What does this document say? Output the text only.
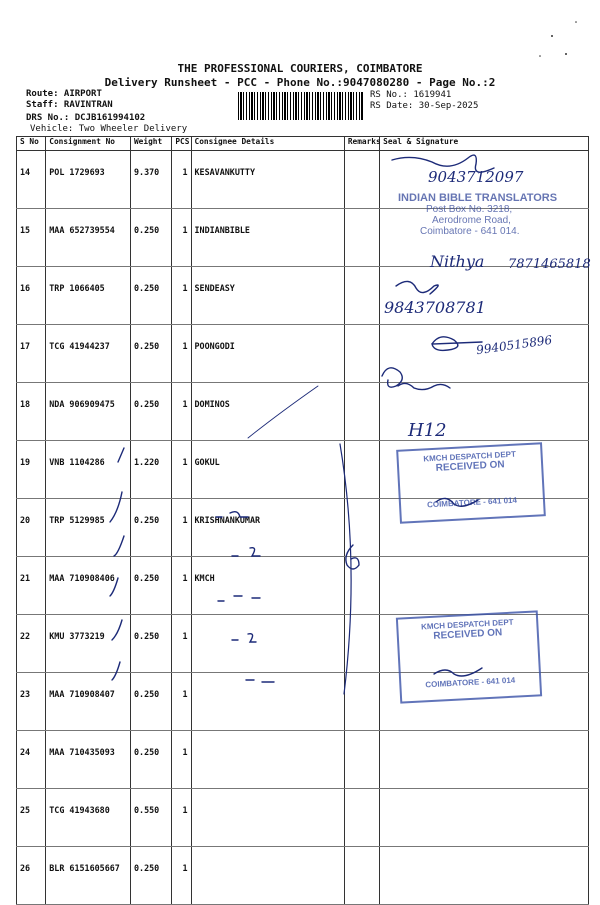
THE PROFESSIONAL COURIERS, COIMBATORE
Delivery Runsheet - PCC - Phone No.:9047080280 - Page No.:2
Route: AIRPORT
Staff: RAVINTRAN
DRS No.: DCJB161994102
Vehicle: Two Wheeler Delivery
RS No.: 1619941
RS Date: 30-Sep-2025
S No	Consignment No	Weight	PCS	Consignee Details	Remarks	Seal & Signature
14	POL 1729693	9.370	1	KESAVANKUTTY		
15	MAA 652739554	0.250	1	INDIANBIBLE		
16	TRP 1066405	0.250	1	SENDEASY		
17	TCG 41944237	0.250	1	POONGODI		
18	NDA 906909475	0.250	1	DOMINOS		
19	VNB 1104286	1.220	1	GOKUL		
20	TRP 5129985	0.250	1	KRISHNANKUMAR		
21	MAA 710908406	0.250	1	KMCH		
22	KMU 3773219	0.250	1			
23	MAA 710908407	0.250	1			
24	MAA 710435093	0.250	1			
25	TCG 41943680	0.550	1			
26	BLR 6151605667	0.250	1			
9043712097
Nithya 7871465818
9843708781
9940515896
H12
INDIAN BIBLE TRANSLATORS
Post Box No. 3218,
Aerodrome Road,
Coimbatore - 641 014.
KMCH DESPATCH DEPT
RECEIVED ON
COIMBATORE - 641 014
KMCH DESPATCH DEPT
RECEIVED ON
COIMBATORE - 641 014
